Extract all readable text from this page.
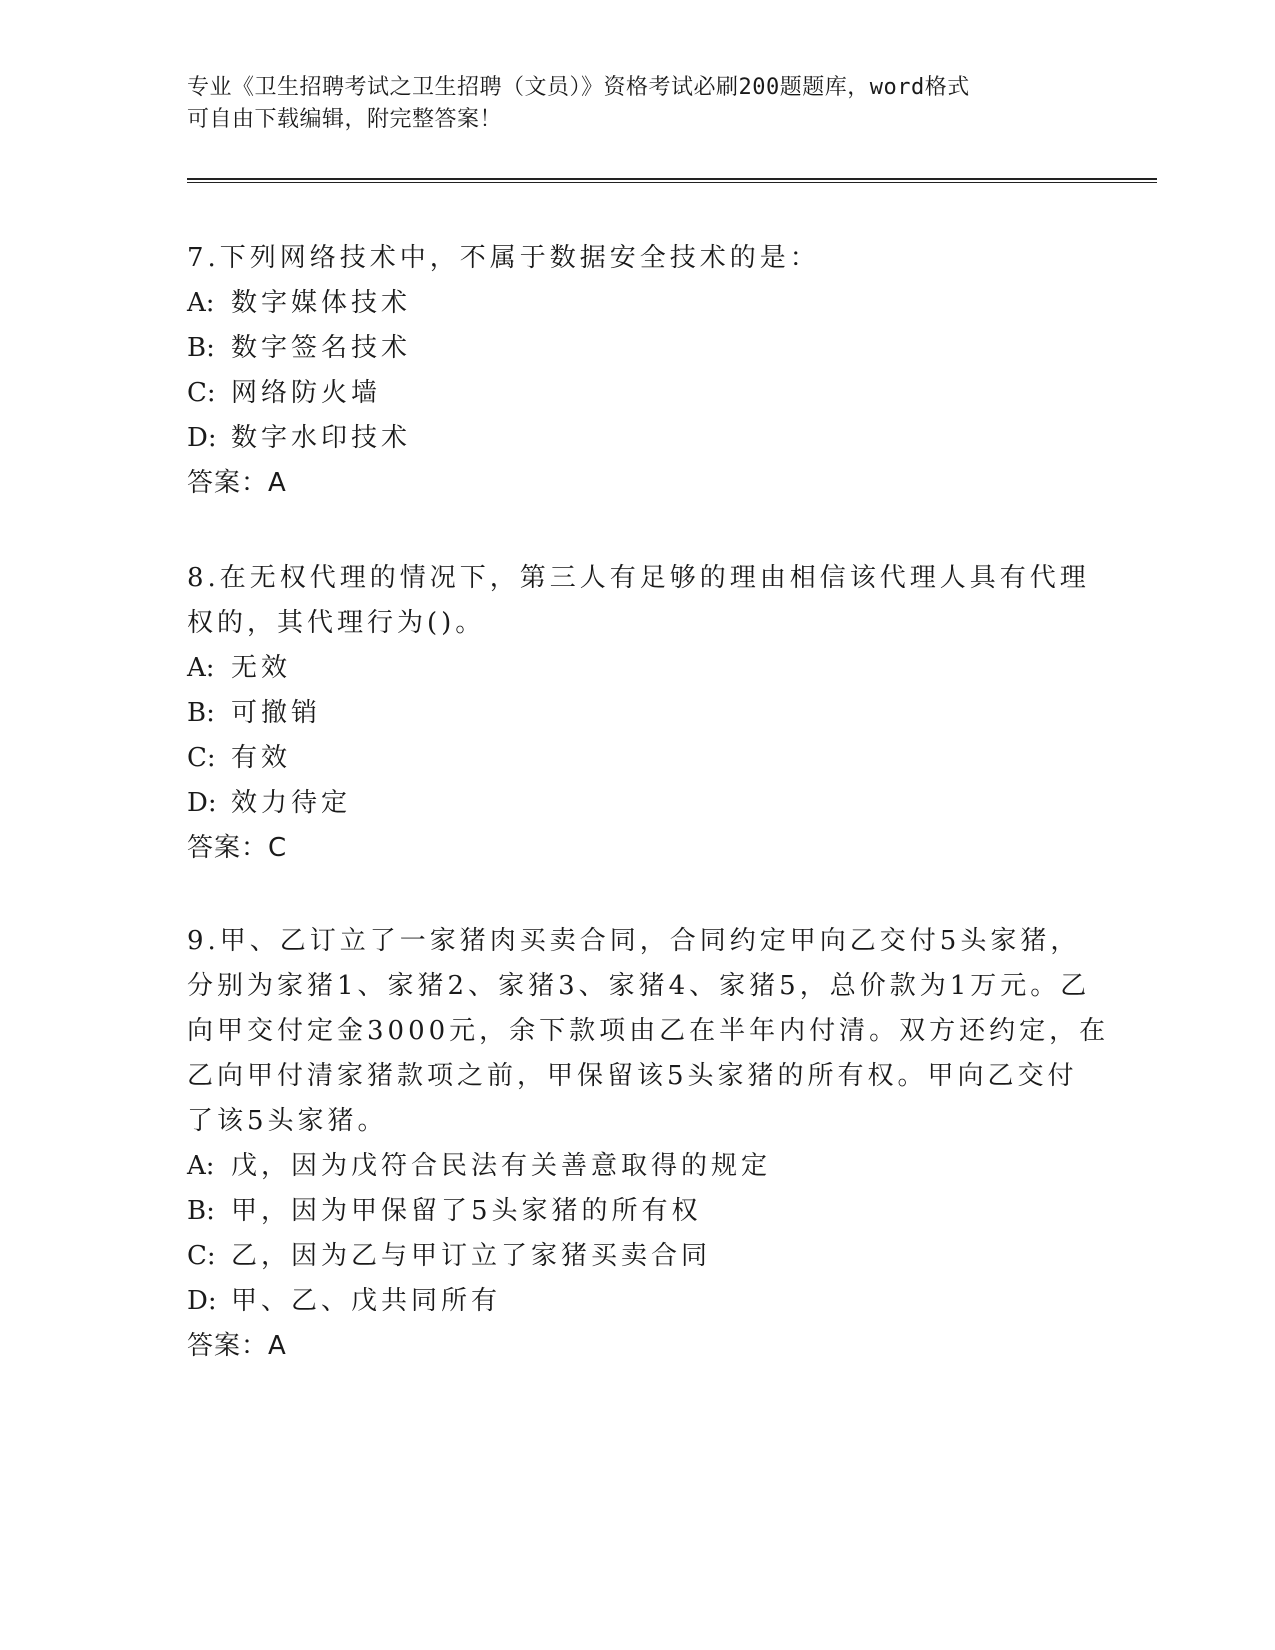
专业《卫生招聘考试之卫生招聘（文员）》资格考试必刷200题题库，word格式
可自由下载编辑，附完整答案！
7.下列网络技术中，不属于数据安全技术的是：
A: 数字媒体技术
B: 数字签名技术
C: 网络防火墙
D: 数字水印技术
答案：A
8.在无权代理的情况下，第三人有足够的理由相信该代理人具有代理
权的，其代理行为()。
A: 无效
B: 可撤销
C: 有效
D: 效力待定
答案：C
9.甲、乙订立了一家猪肉买卖合同，合同约定甲向乙交付5头家猪，
分别为家猪1、家猪2、家猪3、家猪4、家猪5，总价款为1万元。乙
向甲交付定金3000元，余下款项由乙在半年内付清。双方还约定，在
乙向甲付清家猪款项之前，甲保留该5头家猪的所有权。甲向乙交付
了该5头家猪。
A: 戊，因为戊符合民法有关善意取得的规定
B: 甲，因为甲保留了5头家猪的所有权
C: 乙，因为乙与甲订立了家猪买卖合同
D: 甲、乙、戊共同所有
答案：A
